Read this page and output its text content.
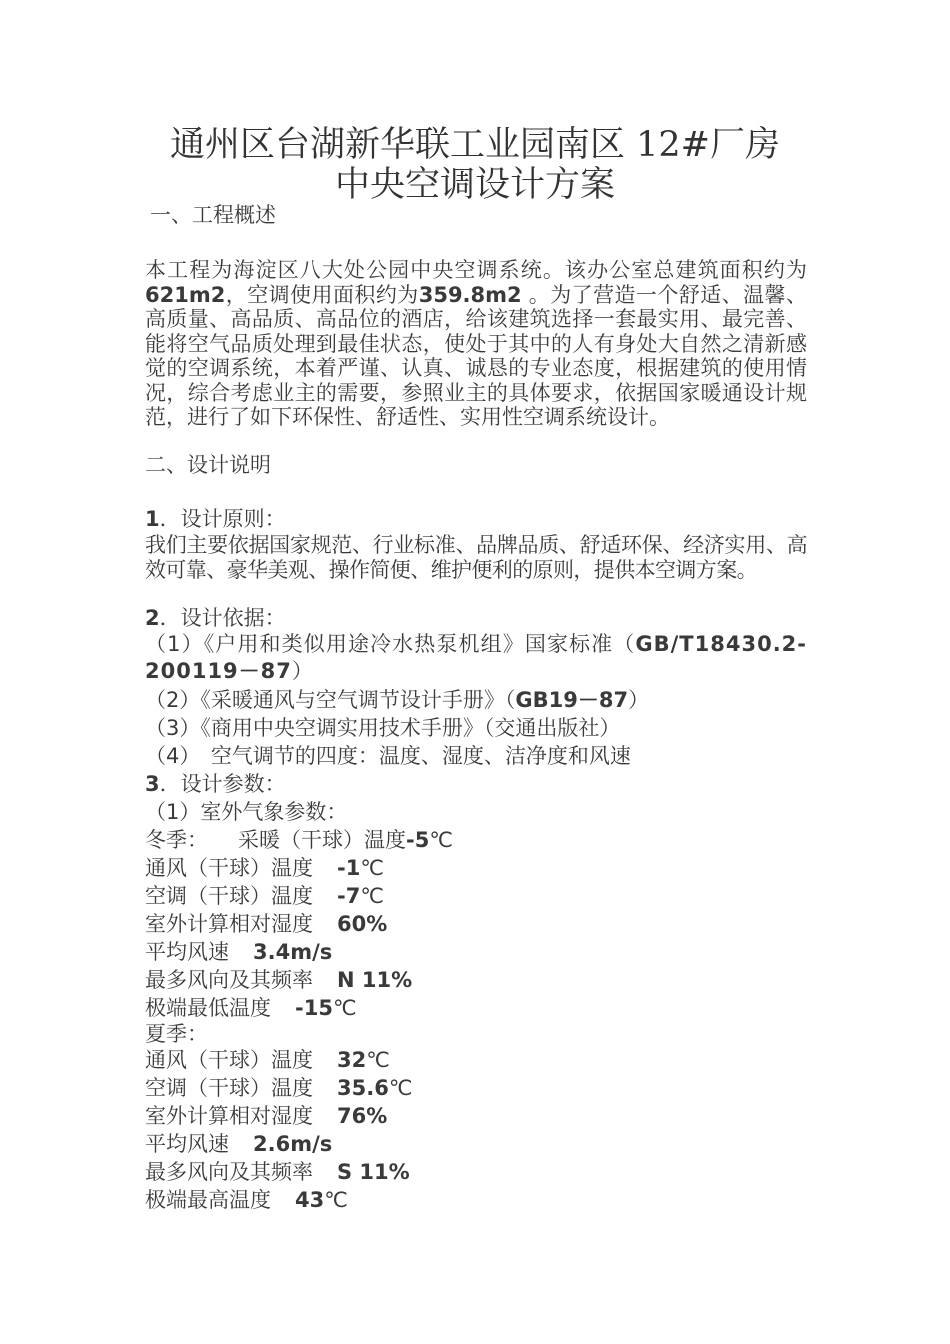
通州区台湖新华联工业园南区 12#厂房
中央空调设计方案
一、工程概述
本工程为海淀区八大处公园中央空调系统。该办公室总建筑面积约为621m2，空调使用面积约为359.8m2 。为了营造一个舒适、温馨、高质量、高品质、高品位的酒店，给该建筑选择一套最实用、最完善、能将空气品质处理到最佳状态，使处于其中的人有身处大自然之清新感觉的空调系统，本着严谨、认真、诚恳的专业态度，根据建筑的使用情况，综合考虑业主的需要，参照业主的具体要求，依据国家暖通设计规范，进行了如下环保性、舒适性、实用性空调系统设计。
二、设计说明
1．设计原则：
我们主要依据国家规范、行业标准、品牌品质、舒适环保、经济实用、高效可靠、豪华美观、操作简便、维护便利的原则，提供本空调方案。
2．设计依据：
（1）《户用和类似用途冷水热泵机组》国家标准（GB/T18430.2-200119－87）
（2）《采暖通风与空气调节设计手册》（GB19－87）
（3）《商用中央空调实用技术手册》（交通出版社）
（4）　空气调节的四度：温度、湿度、洁净度和风速
3．设计参数：
（1）室外气象参数：
冬季： 采暖（干球）温度-5℃
通风（干球）温度 -1℃
空调（干球）温度 -7℃
室外计算相对湿度 60%
平均风速 3.4m/s
最多风向及其频率 N 11%
极端最低温度 -15℃
夏季：
通风（干球）温度 32℃
空调（干球）温度 35.6℃
室外计算相对湿度 76%
平均风速 2.6m/s
最多风向及其频率 S 11%
极端最高温度 43℃
